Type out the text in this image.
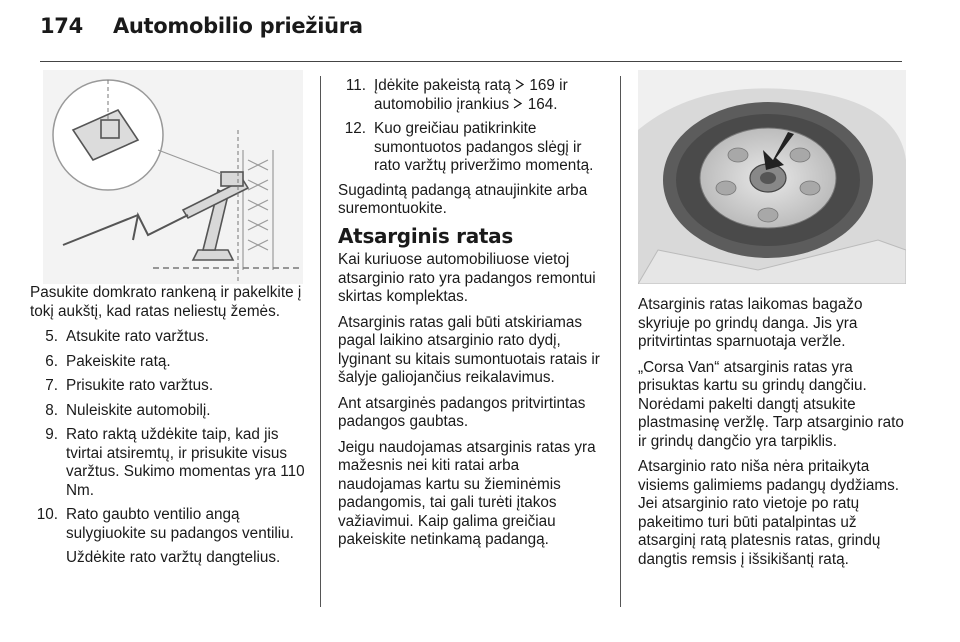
174 Automobilio priežiūra

Pasukite domkrato rankeną ir pakelkite į tokį aukštį, kad ratas neliestų žemės.

5. Atsukite rato varžtus.
6. Pakeiskite ratą.
7. Prisukite rato varžtus.
8. Nuleiskite automobilį.
9. Rato raktą uždėkite taip, kad jis tvirtai atsiremtų, ir prisukite visus varžtus. Sukimo momentas yra 110 Nm.
10. Rato gaubto ventilio angą sulygiuokite su padangos ventiliu.

Uždėkite rato varžtų dangtelius.

11. Įdėkite pakeistą ratą 169 ir automobilio įrankius 164.
12. Kuo greičiau patikrinkite sumontuotos padangos slėgį ir rato varžtų priveržimo momentą.

Sugadintą padangą atnaujinkite arba suremontuokite.

Atsarginis ratas

Kai kuriuose automobiliuose vietoj atsarginio rato yra padangos remontui skirtas komplektas.

Atsarginis ratas gali būti atskiriamas pagal laikino atsarginio rato dydį, lyginant su kitais sumontuotais ratais ir šalyje galiojančius reikalavimus.

Ant atsarginės padangos pritvirtintas padangos gaubtas.

Jeigu naudojamas atsarginis ratas yra mažesnis nei kiti ratai arba naudojamas kartu su žieminėmis padangomis, tai gali turėti įtakos važiavimui. Kaip galima greičiau pakeiskite netinkamą padangą.

Atsarginis ratas laikomas bagažo skyriuje po grindų danga. Jis yra pritvirtintas sparnuotaja veržle.

„Corsa Van“ atsarginis ratas yra prisuktas kartu su grindų dangčiu. Norėdami pakelti dangtį atsukite plastmasinę veržlę. Tarp atsarginio rato ir grindų dangčio yra tarpiklis.

Atsarginio rato niša nėra pritaikyta visiems galimiems padangų dydžiams. Jei atsarginio rato vietoje po ratų pakeitimo turi būti patalpintas už atsarginį ratą platesnis ratas, grindų dangtis remsis į išsikišantį ratą.
